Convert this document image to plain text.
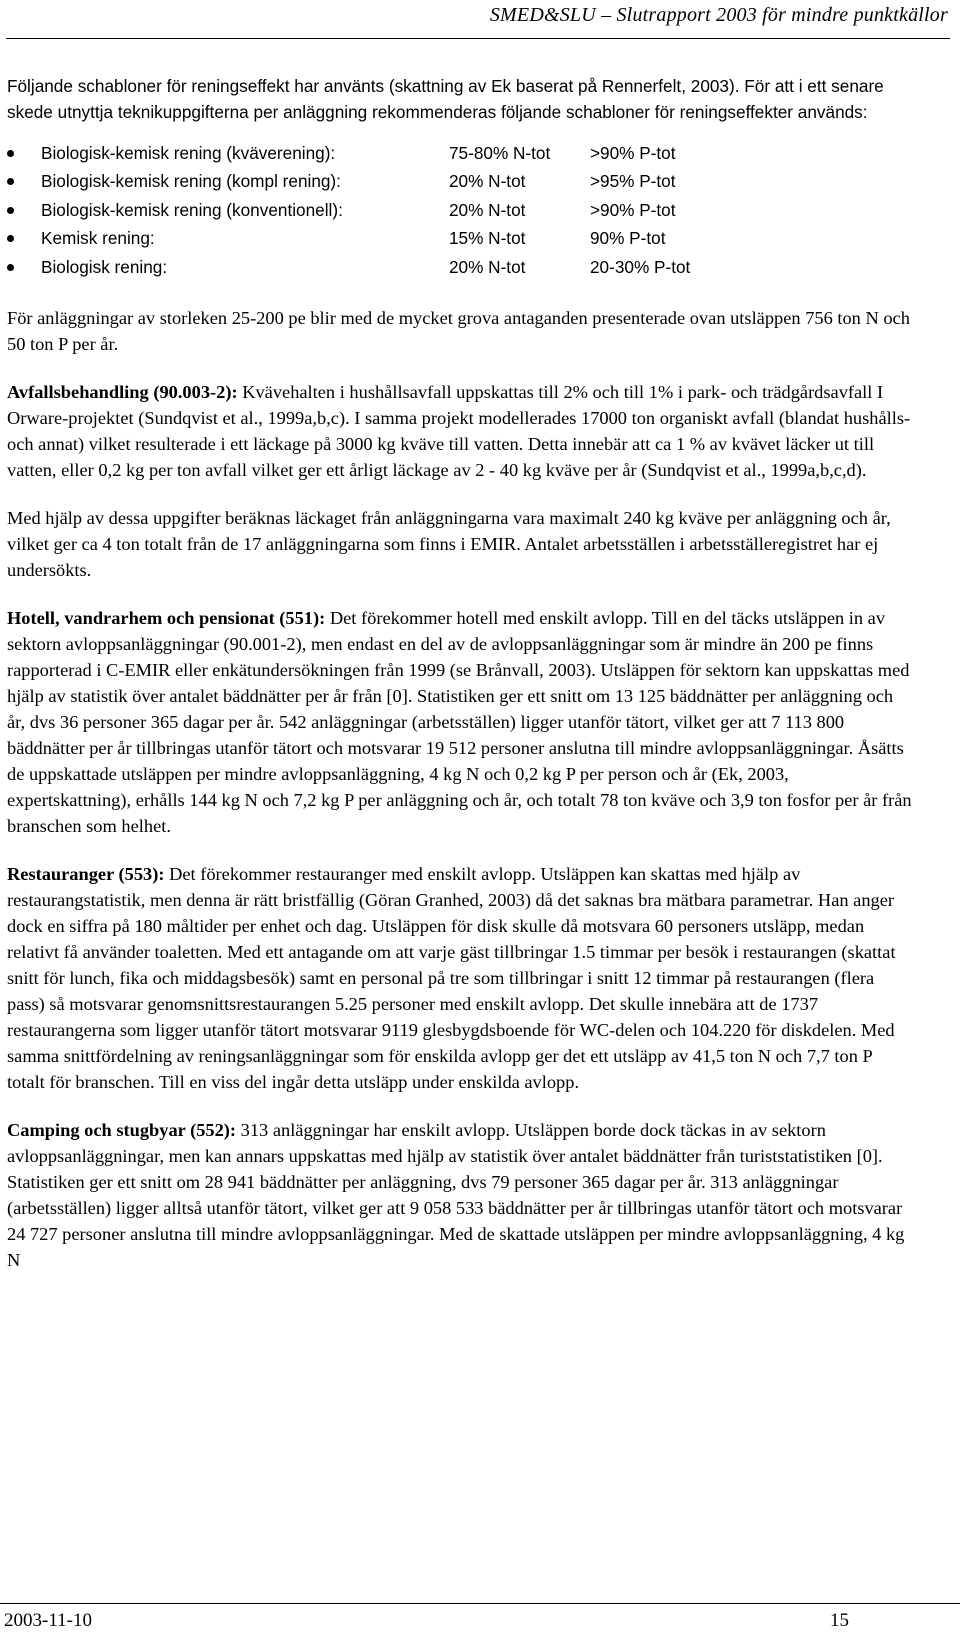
SMED&SLU – Slutrapport 2003 för mindre punktkällor

Följande schabloner för reningseffekt har använts (skattning av Ek baserat på Rennerfelt, 2003). För att i ett senare skede utnyttja teknikuppgifterna per anläggning rekommenderas följande schabloner för reningseffekter används:

Biologisk-kemisk rening (kväverening):	75-80% N-tot >90% P-tot
Biologisk-kemisk rening (kompl rening):	20% N-tot	>95% P-tot
Biologisk-kemisk rening (konventionell):	20% N-tot	>90% P-tot
Kemisk rening:	15% N-tot	90% P-tot
Biologisk rening:	20% N-tot	20-30% P-tot

För anläggningar av storleken 25-200 pe blir med de mycket grova antaganden presenterade ovan utsläppen 756 ton N och 50 ton P per år.

Avfallsbehandling (90.003-2): Kvävehalten i hushållsavfall uppskattas till 2% och till 1% i park- och trädgårdsavfall I Orware-projektet (Sundqvist et al., 1999a,b,c). I samma projekt modellerades 17000 ton organiskt avfall (blandat hushålls- och annat) vilket resulterade i ett läckage på 3000 kg kväve till vatten. Detta innebär att ca 1 % av kvävet läcker ut till vatten, eller 0,2 kg per ton avfall vilket ger ett årligt läckage av 2 - 40 kg kväve per år (Sundqvist et al., 1999a,b,c,d).

Med hjälp av dessa uppgifter beräknas läckaget från anläggningarna vara maximalt 240 kg kväve per anläggning och år, vilket ger ca 4 ton totalt från de 17 anläggningarna som finns i EMIR. Antalet arbetsställen i arbetsställeregistret har ej undersökts.

Hotell, vandrarhem och pensionat (551): Det förekommer hotell med enskilt avlopp. Till en del täcks utsläppen in av sektorn avloppsanläggningar (90.001-2), men endast en del av de avloppsanläggningar som är mindre än 200 pe finns rapporterad i C-EMIR eller enkätundersökningen från 1999 (se Brånvall, 2003). Utsläppen för sektorn kan uppskattas med hjälp av statistik över antalet bäddnätter per år från [0]. Statistiken ger ett snitt om 13 125 bäddnätter per anläggning och år, dvs 36 personer 365 dagar per år. 542 anläggningar (arbetsställen) ligger utanför tätort, vilket ger att 7 113 800 bäddnätter per år tillbringas utanför tätort och motsvarar 19 512 personer anslutna till mindre avloppsanläggningar. Åsätts de uppskattade utsläppen per mindre avloppsanläggning, 4 kg N och 0,2 kg P per person och år (Ek, 2003, expertskattning), erhålls 144 kg N och 7,2 kg P per anläggning och år, och totalt 78 ton kväve och 3,9 ton fosfor per år från branschen som helhet.

Restauranger (553): Det förekommer restauranger med enskilt avlopp. Utsläppen kan skattas med hjälp av restaurangstatistik, men denna är rätt bristfällig (Göran Granhed, 2003) då det saknas bra mätbara parametrar. Han anger dock en siffra på 180 måltider per enhet och dag. Utsläppen för disk skulle då motsvara 60 personers utsläpp, medan relativt få använder toaletten. Med ett antagande om att varje gäst tillbringar 1.5 timmar per besök i restaurangen (skattat snitt för lunch, fika och middagsbesök) samt en personal på tre som tillbringar i snitt 12 timmar på restaurangen (flera pass) så motsvarar genomsnittsrestaurangen 5.25 personer med enskilt avlopp. Det skulle innebära att de 1737 restaurangerna som ligger utanför tätort motsvarar 9119 glesbygdsboende för WC-delen och 104.220 för diskdelen. Med samma snittfördelning av reningsanläggningar som för enskilda avlopp ger det ett utsläpp av 41,5 ton N och 7,7 ton P totalt för branschen. Till en viss del ingår detta utsläpp under enskilda avlopp.

Camping och stugbyar (552): 313 anläggningar har enskilt avlopp. Utsläppen borde dock täckas in av sektorn avloppsanläggningar, men kan annars uppskattas med hjälp av statistik över antalet bäddnätter från turiststatistiken [0]. Statistiken ger ett snitt om 28 941 bäddnätter per anläggning, dvs 79 personer 365 dagar per år. 313 anläggningar (arbetsställen) ligger alltså utanför tätort, vilket ger att 9 058 533 bäddnätter per år tillbringas utanför tätort och motsvarar 24 727 personer anslutna till mindre avloppsanläggningar. Med de skattade utsläppen per mindre avloppsanläggning, 4 kg N

2003-11-10	15
